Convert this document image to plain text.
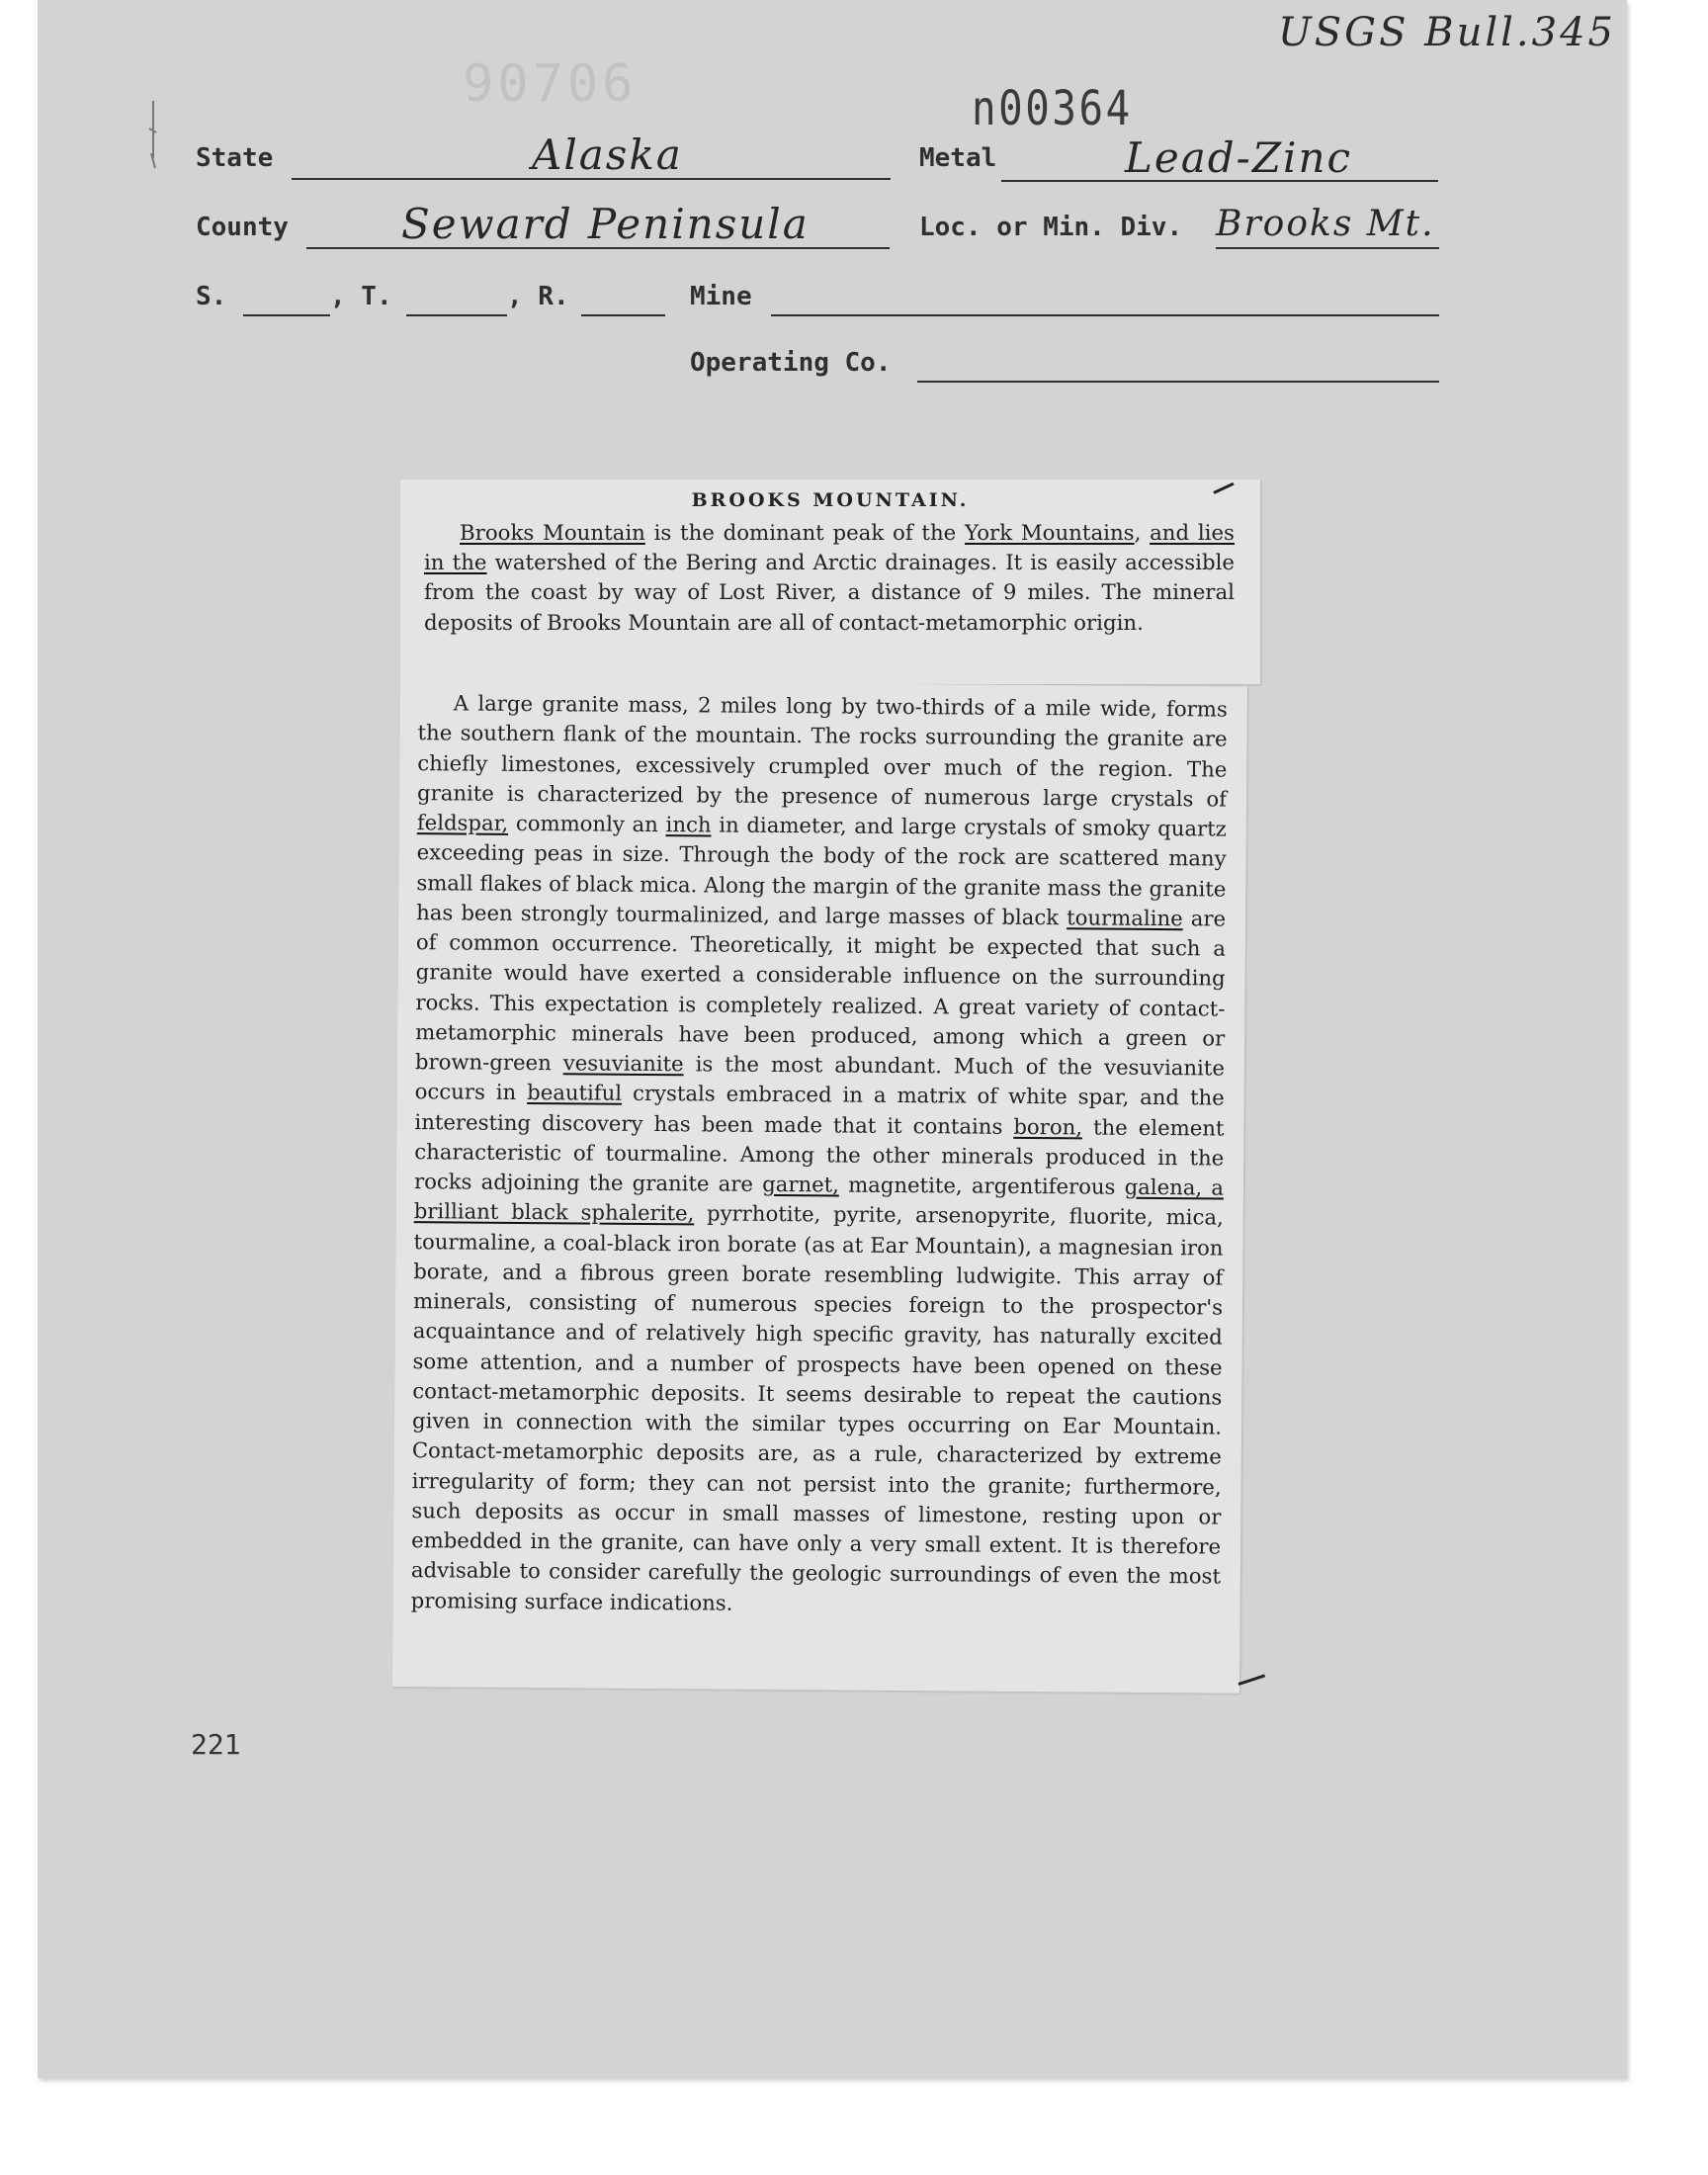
90706
USGS Bull.345
n00364
State	Alaska	Metal	Lead-Zinc
County	Seward Peninsula	Loc. or Min. Div. Brooks Mt.
S.	, T.	, R.	Mine
Operating Co.
BROOKS MOUNTAIN.

Brooks Mountain is the dominant peak of the York Mountains, and lies in the watershed of the Bering and Arctic drainages. It is easily accessible from the coast by way of Lost River, a distance of 9 miles. The mineral deposits of Brooks Mountain are all of contact-metamorphic origin.

A large granite mass, 2 miles long by two-thirds of a mile wide, forms the southern flank of the mountain. The rocks surrounding the granite are chiefly limestones, excessively crumpled over much of the region. The granite is characterized by the presence of numerous large crystals of feldspar, commonly an inch in diameter, and large crystals of smoky quartz exceeding peas in size. Through the body of the rock are scattered many small flakes of black mica. Along the margin of the granite mass the granite has been strongly tourmalinized, and large masses of black tourmaline are of common occurrence. Theoretically, it might be expected that such a granite would have exerted a considerable influence on the surrounding rocks. This expectation is completely realized. A great variety of contact-metamorphic minerals have been produced, among which a green or brown-green vesuvianite is the most abundant. Much of the vesuvianite occurs in beautiful crystals embraced in a matrix of white spar, and the interesting discovery has been made that it contains boron, the element characteristic of tourmaline. Among the other minerals produced in the rocks adjoining the granite are garnet, magnetite, argentiferous galena, a brilliant black sphalerite, pyrrhotite, pyrite, arsenopyrite, fluorite, mica, tourmaline, a coal-black iron borate (as at Ear Mountain), a magnesian iron borate, and a fibrous green borate resembling ludwigite. This array of minerals, consisting of numerous species foreign to the prospector's acquaintance and of relatively high specific gravity, has naturally excited some attention, and a number of prospects have been opened on these contact-metamorphic deposits. It seems desirable to repeat the cautions given in connection with the similar types occurring on Ear Mountain. Contact-metamorphic deposits are, as a rule, characterized by extreme irregularity of form; they can not persist into the granite; furthermore, such deposits as occur in small masses of limestone, resting upon or embedded in the granite, can have only a very small extent. It is therefore advisable to consider carefully the geologic surroundings of even the most promising surface indications.

221
